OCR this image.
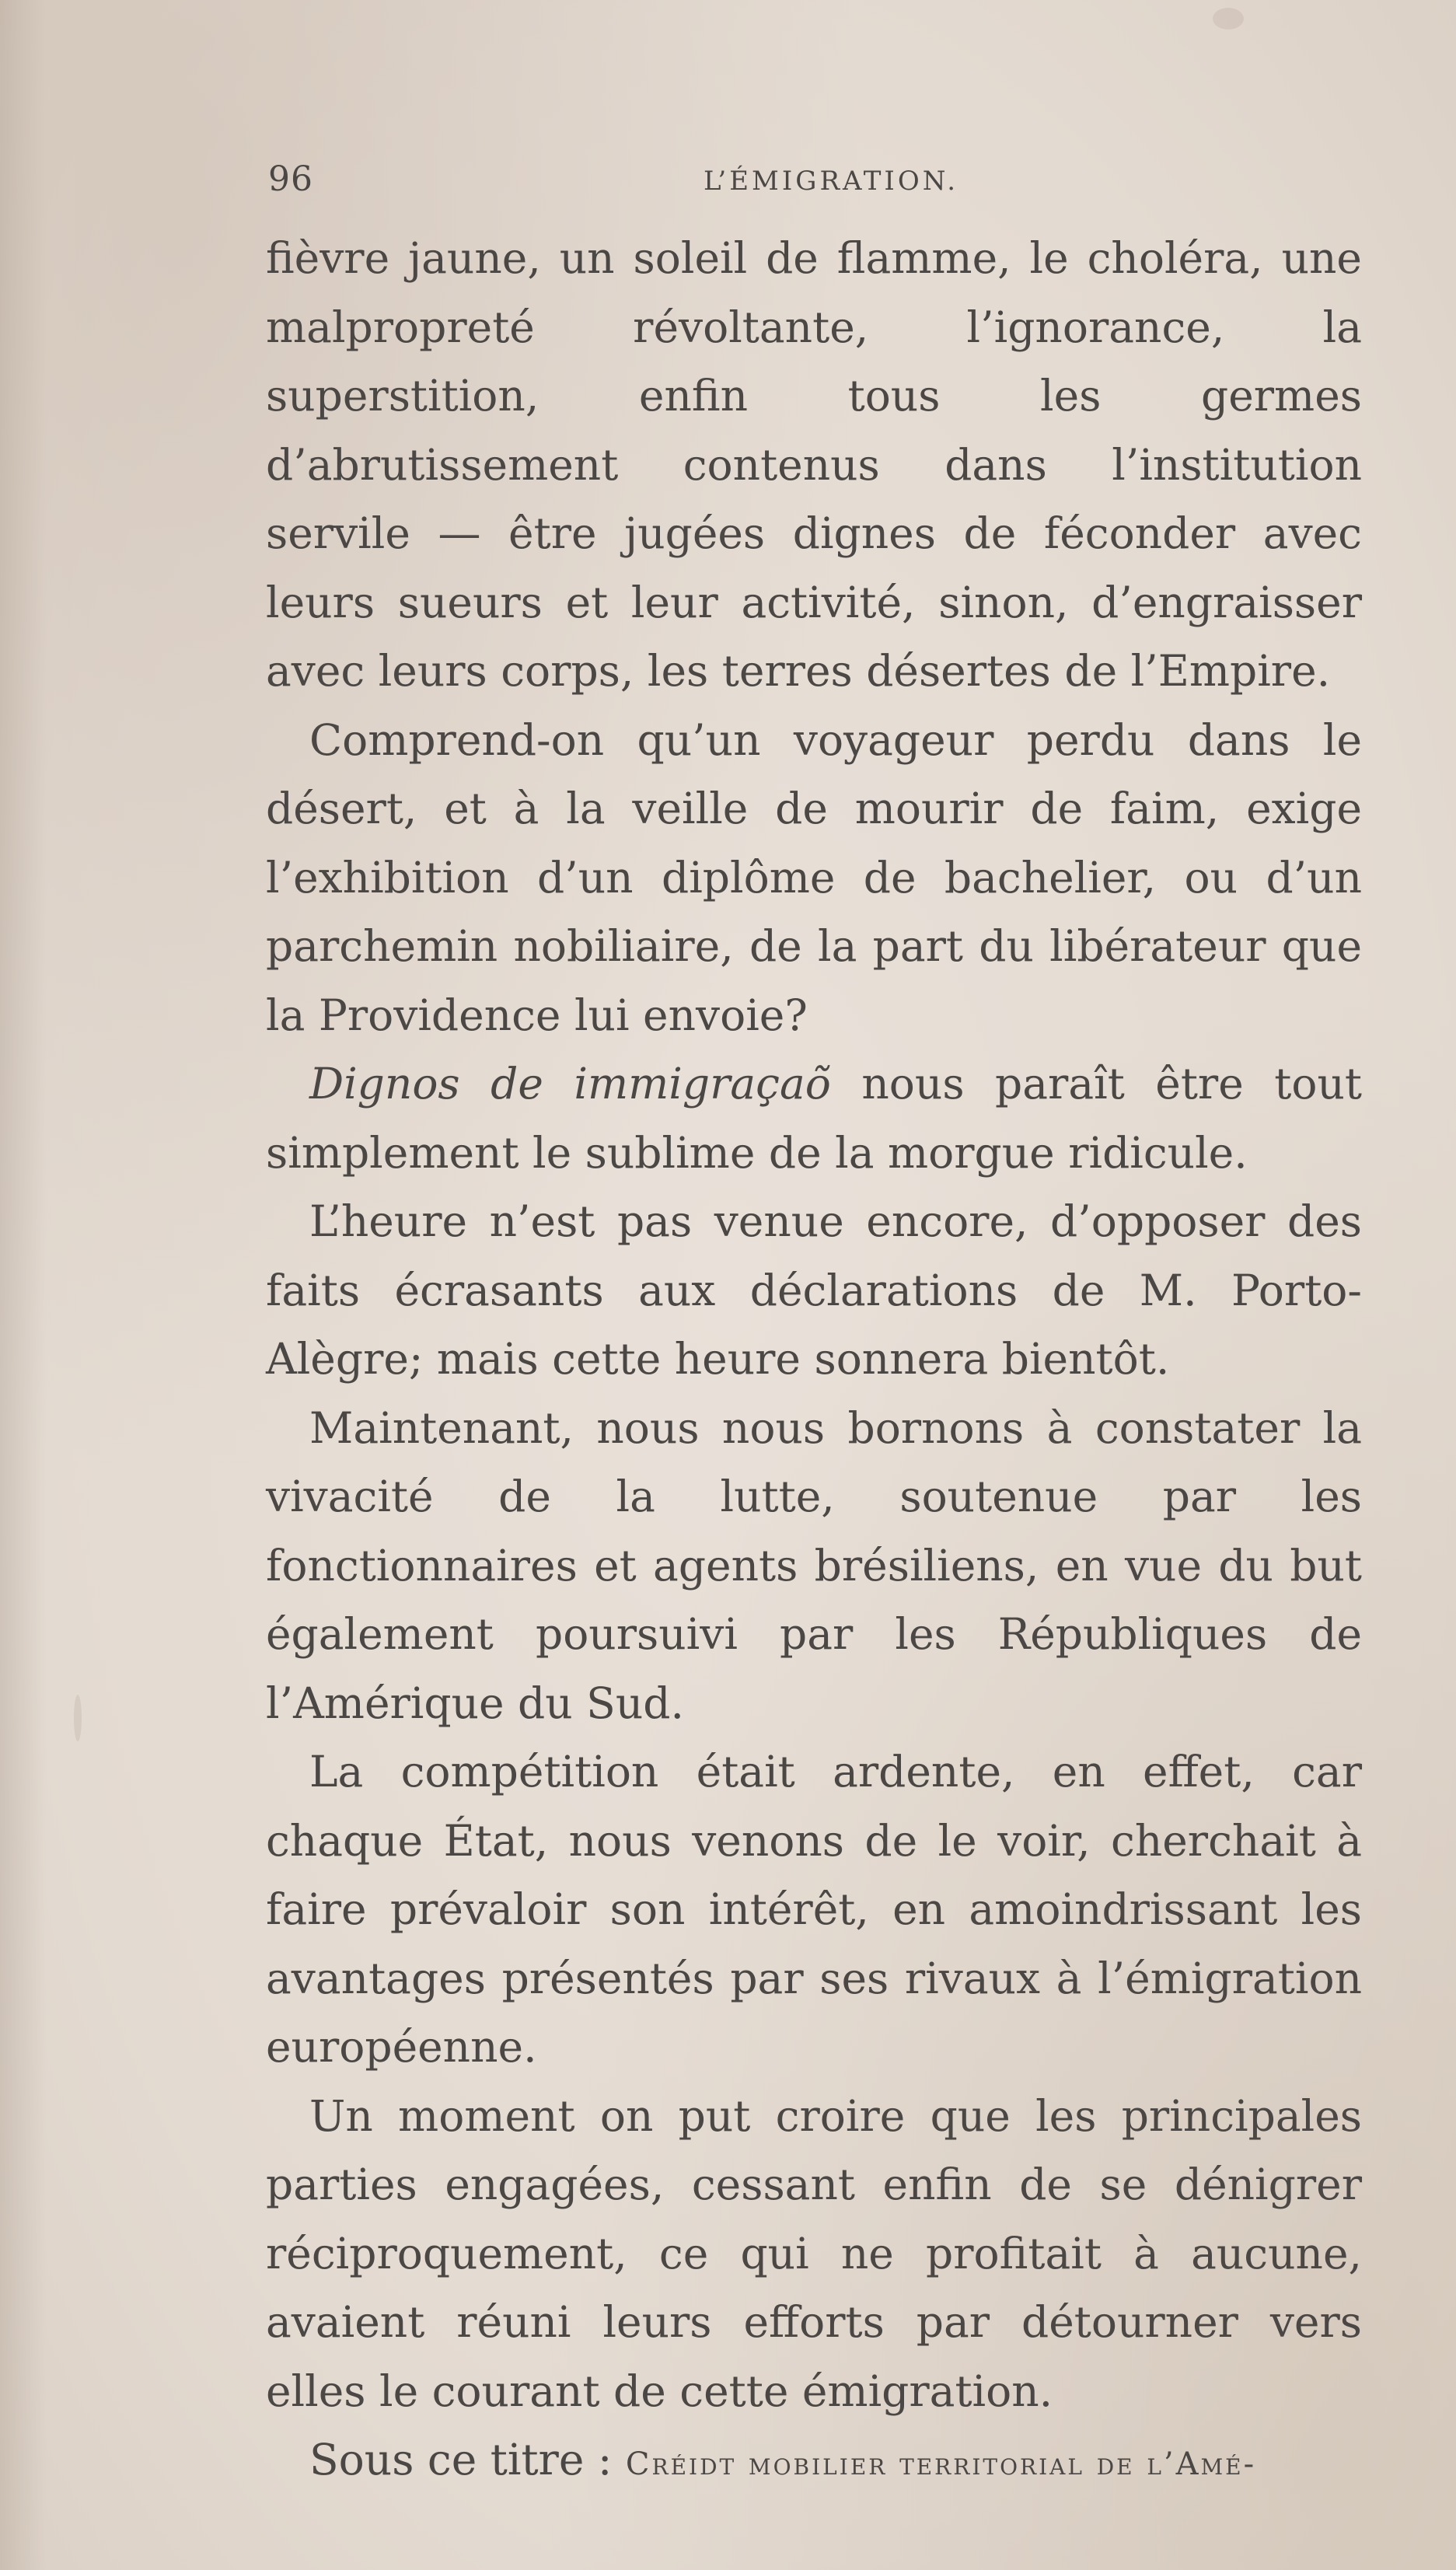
96	L’ÉMIGRATION.

fièvre jaune, un soleil de flamme, le choléra, une malpropreté révoltante, l’ignorance, la superstition, enfin tous les germes d’abrutissement contenus dans l’institution servile — être jugées dignes de féconder avec leurs sueurs et leur activité, sinon, d’engraisser avec leurs corps, les terres désertes de l’Empire.

Comprend-on qu’un voyageur perdu dans le désert, et à la veille de mourir de faim, exige l’exhibition d’un diplôme de bachelier, ou d’un parchemin nobiliaire, de la part du libérateur que la Providence lui envoie?

Dignos de immigraçaõ nous paraît être tout simplement le sublime de la morgue ridicule.

L’heure n’est pas venue encore, d’opposer des faits écrasants aux déclarations de M. Porto-Alègre; mais cette heure sonnera bientôt.

Maintenant, nous nous bornons à constater la vivacité de la lutte, soutenue par les fonctionnaires et agents brésiliens, en vue du but également poursuivi par les Républiques de l’Amérique du Sud.

La compétition était ardente, en effet, car chaque État, nous venons de le voir, cherchait à faire prévaloir son intérêt, en amoindrissant les avantages présentés par ses rivaux à l’émigration européenne.

Un moment on put croire que les principales parties engagées, cessant enfin de se dénigrer réciproquement, ce qui ne profitait à aucune, avaient réuni leurs efforts par détourner vers elles le courant de cette émigration.

Sous ce titre : Créidt mobilier territorial de l’Amé-
